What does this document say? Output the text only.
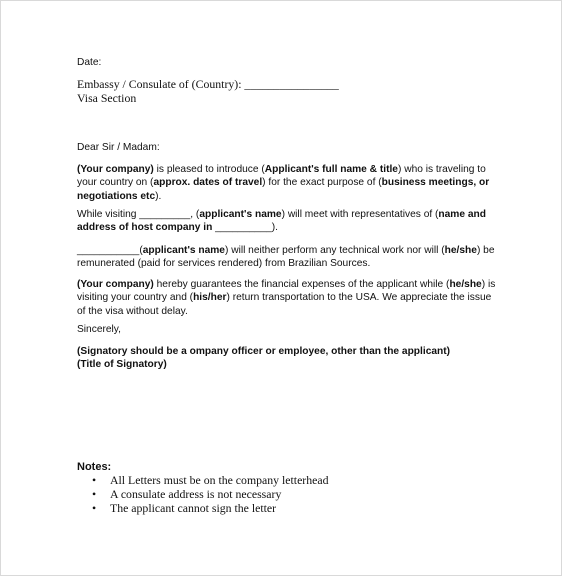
Date:
Embassy / Consulate of (Country): ________________
Visa Section
Dear Sir / Madam:

(Your company) is pleased to introduce (Applicant's full name & title) who is traveling to your country on (approx. dates of travel) for the exact purpose of (business meetings, or negotiations etc).

While visiting _________, (applicant's name) will meet with representatives of (name and address of host company in __________).

___________(applicant's name) will neither perform any technical work nor will (he/she) be remunerated (paid for services rendered) from Brazilian Sources.

(Your company) hereby guarantees the financial expenses of the applicant while (he/she) is visiting your country and (his/her) return transportation to the USA. We appreciate the issue of the visa without delay.

Sincerely,
(Signatory should be a ompany officer or employee, other than the applicant)
(Title of Signatory)
Notes:
• All Letters must be on the company letterhead
• A consulate address is not necessary
• The applicant cannot sign the letter
